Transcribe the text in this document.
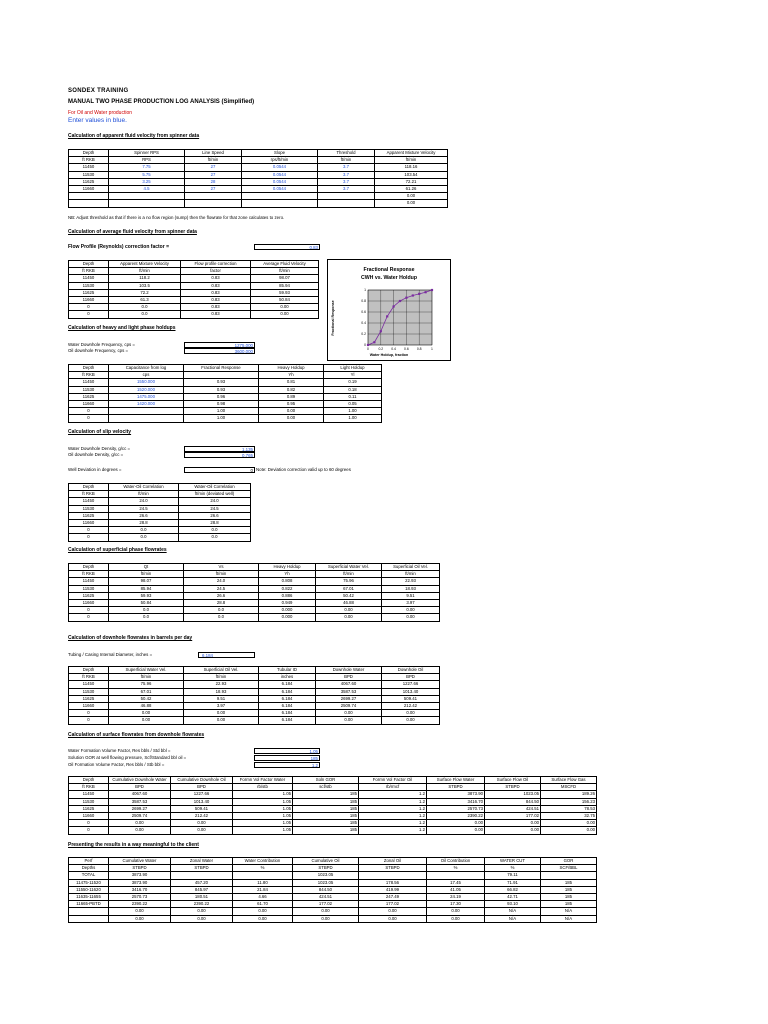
SONDEX TRAINING
MANUAL TWO PHASE PRODUCTION LOG ANALYSIS (Simplified)
For Oil and Water production
Enter values in blue.
Calculation of apparent fluid velocity from spinner data
Depth	Spinner RPS	Line Speed	Slope	Threshold	Apparent Mixture Velocity
ft RKB	RPS	ft/min	rps/ft/min	ft/min	ft/min
11450	7.75	27	0.0544	3.7	118.16
11530	5.75	27	0.0544	3.7	103.54
11625	3.25	28	0.0544	3.7	72.21
11660	4.5	27	0.0544	3.7	61.26
					0.00
					0.00
NB: Adjust threshold as that if there is a no flow region (sump) then the flowrate for that zone calculates to zero.
Calculation of average fluid velocity from spinner data
Flow Profile (Reynolds) correction factor =	0.83
Depth	Apparent Mixture Velocity	Flow profile correction	Average Fluid Velocity
ft RKB	ft/min	factor	ft/min
11450	118.2	0.83	98.07
11530	103.5	0.83	85.94
11625	72.2	0.83	59.93
11660	61.3	0.83	50.84
0	0.0	0.83	0.00
0	0.0	0.83	0.00
Fractional Response
CWH vs. Water Holdup
Water Holdup, fraction
Fractional Response
0
0.2
0.4
0.6
0.8
1
0	0.2 0.4 0.6 0.8	1
Calculation of heavy and light phase holdups
Water Downhole Frequency, cps =	1275.000
Oil downhole Frequency, cps =	3600.000
Depth	Capacitance from log	Fractional Response	Heavy Holdup	Light Holdup
ft RKB	cps		Yh	Yl
11450	1550.000	0.93	0.81	0.19
11530	1520.000	0.93	0.82	0.18
11625	1475.000	0.96	0.89	0.11
11660	1420.000	0.98	0.95	0.05
0		1.00	0.00	1.00
0		1.00	0.00	1.00
Calculation of slip velocity
Water Downhole Density, g/cc =	1.135
Oil downhole Density, g/cc =	0.765
Well Deviation in degrees =	0 Note: Deviation correction valid up to 60 degrees
Depth	Water-Oil Correlation	Water-Oil Correlation
ft RKB	ft/min	ft/min (deviated well)
11450	24.0	24.0
11530	24.5	24.5
11625	26.6	26.6
11660	28.8	28.8
0	0.0	0.0
0	0.0	0.0
Calculation of superficial phase flowrates
Depth	Qt	Vs	Heavy Holdup	Superficial Water Vel.	Superficial Oil Vel.
ft RKB	ft/min	ft/min	Yh	ft/min	ft/min
11450	98.07	24.0	0.808	75.96	22.93
11530	85.94	24.5	0.822	67.01	18.93
11625	59.93	26.6	0.886	50.42	9.51
11660	50.84	28.8	0.949	46.88	3.97
0	0.0	0.0	0.000	0.00	0.00
0	0.0	0.0	0.000	0.00	0.00
Calculation of downhole flowrates in barrels per day
Tubing / Casing Internal Diameter, inches =	6.184
Depth	Superficial Water Vel.	Superficial Oil Vel.	Tubular ID	Downhole Water	Downhole Oil
ft RKB	ft/min	ft/min	inches	BPD	BPD
11450	75.96	22.93	6.184	4067.60	1227.66
11530	67.01	18.93	6.184	3587.53	1013.40
11625	50.42	9.51	6.184	2699.27	509.41
11660	46.88	3.97	6.184	2509.74	212.42
0	0.00	0.00	6.184	0.00	0.00
0	0.00	0.00	6.184	0.00	0.00
Calculation of surface flowrates from downhole flowrates
Water Formation Volume Factor, Res bbls / Std bbl =	1.05
Solution GOR at well flowing pressure, Scf/Standard bbl oil =	185
Oil Formation Volume Factor, Res bbls / Stb bbl =	1.2
Depth	Cumulative Downhole Water	Cumulative Downhole Oil	Formn Vol Factor Water	Soln GOR	Formn Vol Factor Oil	Surface Flow Water	Surface Flow Oil	Surface Flow Gas
ft RKB	BPD	BPD	rb/stb	scf/stb	rb/rmcf	STBPD	STBPD	MSCFD
11450	4067.60	1227.66	1.05	185	1.2	3873.90	1023.05	189.26
11530	3587.53	1013.40	1.05	185	1.2	3416.70	844.50	156.23
11625	2699.27	509.41	1.05	185	1.2	2570.73	424.51	78.53
11660	2509.74	212.42	1.05	185	1.2	2390.22	177.02	32.75
0	0.00	0.00	1.05	185	1.2	0.00	0.00	0.00
0	0.00	0.00	1.05	185	1.2	0.00	0.00	0.00
Presenting the results in a way meaningful to the client
Perf	Cumulative Water	Zonal Water	Water Contribution	Cumulative Oil	Zonal Oil	Oil Contribution	WATER CUT	GOR
Depths	STBPD	STBPD	%	STBPD	STBPD	%	%	SCF/BBL
TOTAL	3873.90			1023.05			79.11	
11475-11520	3873.90	457.20	11.80	1023.05	178.56	17.45	71.91	185
11550-11620	3416.70	845.97	21.84	844.50	419.99	41.05	66.82	185
11635-11655	2570.73	180.51	4.66	424.51	247.49	24.19	42.71	185
11665-PBTD	2390.22	2390.22	61.70	177.02	177.02	17.30	93.10	185
	0.00	0.00	0.00	0.00	0.00	0.00	N/A	N/A
	0.00	0.00	0.00	0.00	0.00	0.00	N/A	N/A
